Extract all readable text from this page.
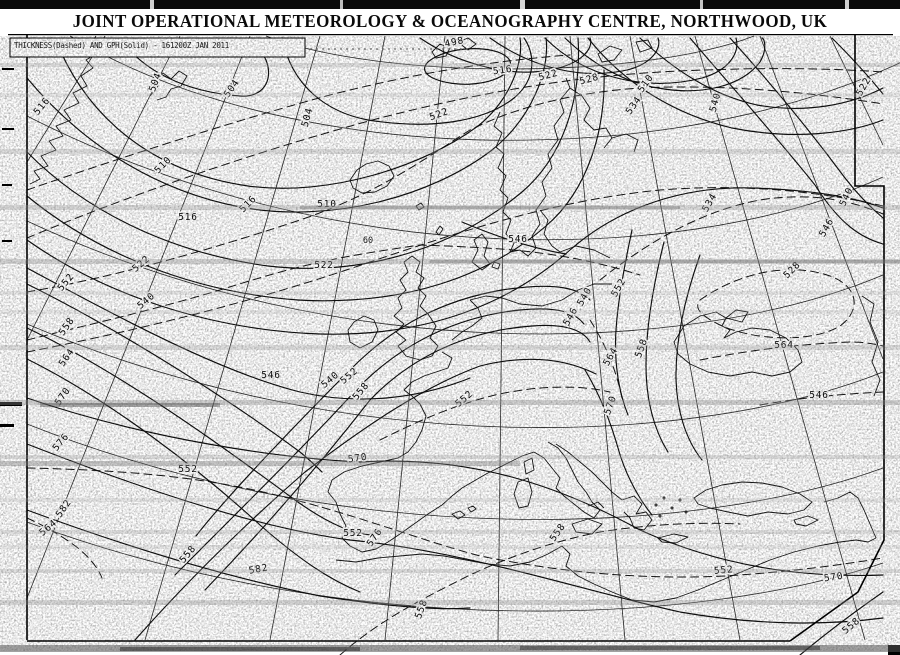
498
504	504
504
510
510
510
516
516
516
516
522	522
522
522	522
528
528
534
534
540
540
540
540
540
546
546
546
546
546
552
552
552
552
552
552
552
558
558
558
558
558
558
558
564	564
564
564
570
570
570
570
576
576
582
582
60
JOINT OPERATIONAL METEOROLOGY & OCEANOGRAPHY CENTRE, NORTHWOOD, UK
THICKNESS(Dashed) AND GPH(Solid) - 161200Z JAN 2011
